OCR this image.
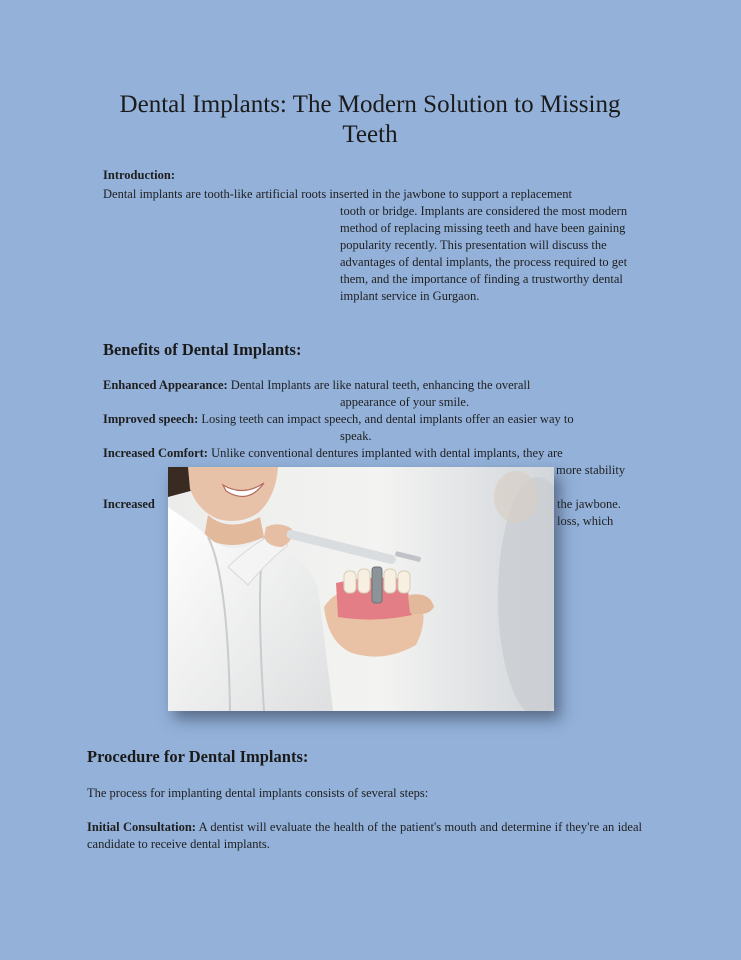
Dental Implants: The Modern Solution to Missing Teeth

Introduction:

Dental implants are tooth-like artificial roots inserted in the jawbone to support a replacement

tooth or bridge. Implants are considered the most modern method of replacing missing teeth and have been gaining popularity recently. This presentation will discuss the advantages of dental implants, the process required to get them, and the importance of finding a trustworthy dental implant service in Gurgaon.

Benefits of Dental Implants:

Enhanced Appearance: Dental Implants are like natural teeth, enhancing the overall

appearance of your smile.

Improved speech: Losing teeth can impact speech, and dental implants offer an easier way to

speak.

Increased Comfort: Unlike conventional dentures implanted with dental implants, they are

more stability

Increased	the jawbone.

loss, which

Procedure for Dental Implants:

The process for implanting dental implants consists of several steps:

Initial Consultation: A dentist will evaluate the health of the patient's mouth and determine if they're an ideal candidate to receive dental implants.
